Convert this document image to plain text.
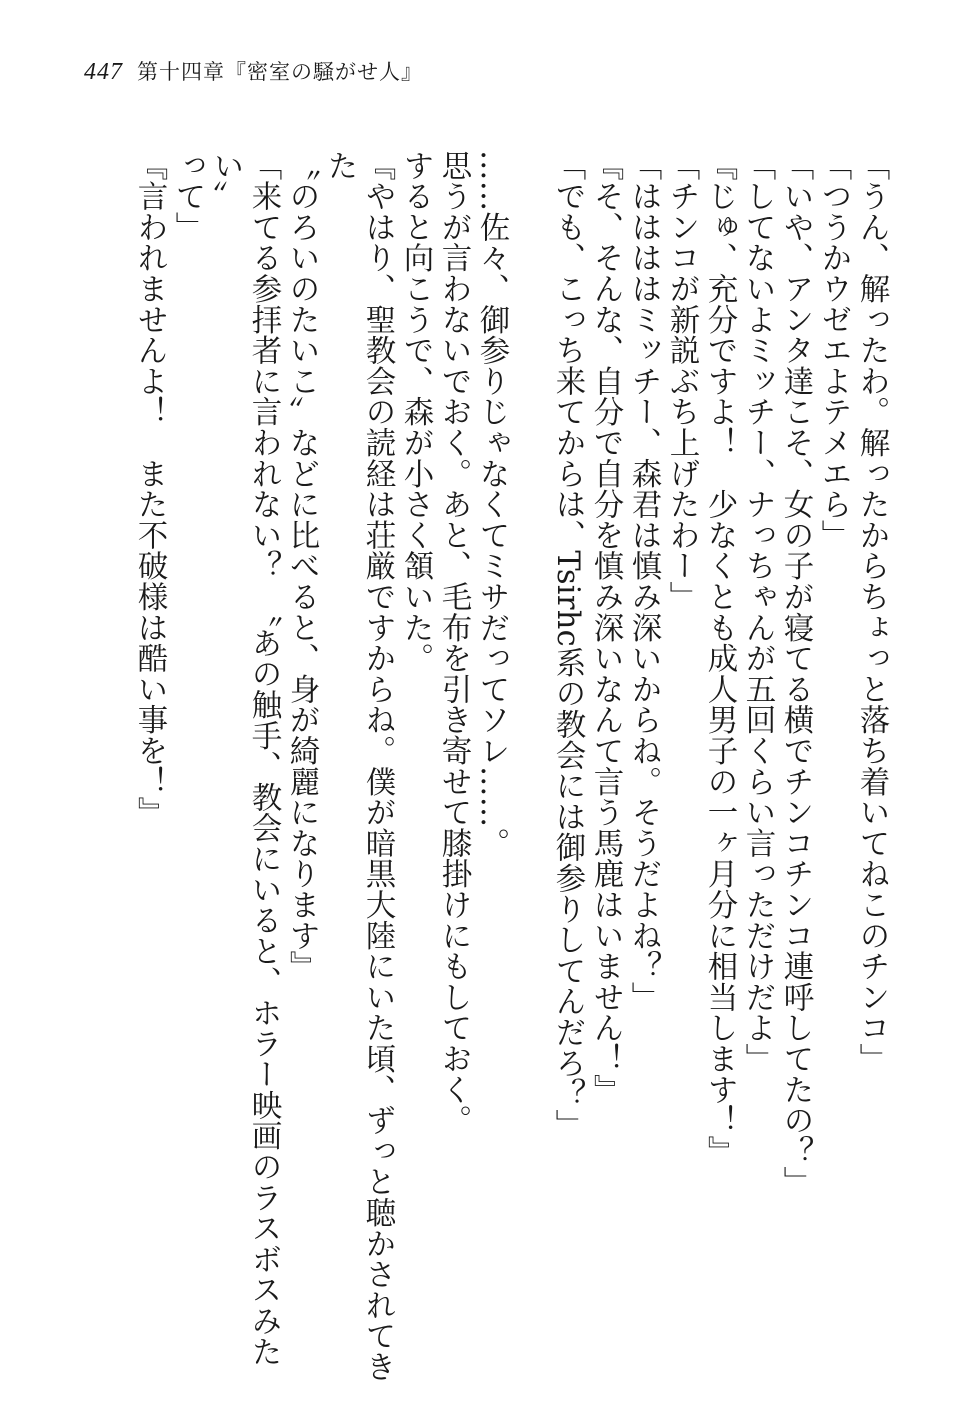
447 第十四章『密室の騒がせ人』

「うん、解ったわ。解ったからちょっと落ち着いてねこのチンコ」

「つうかウゼエよテメエら」

「いや、アンタ達こそ、女の子が寝てる横でチンコチンコ連呼してたの？」

「してないよミッチー、ナっちゃんが五回くらい言っただけだよ」

『じゅ、充分ですよ！　少なくとも成人男子の一ヶ月分に相当します！』

「チンコが新説ぶち上げたわー」

「ははははミッチー、森君は慎み深いからね。そうだよね？」

『そ、そんな、自分で自分を慎み深いなんて言う馬鹿はいません！』

「でも、こっち来てからは、Tsirhc系の教会には御参りしてんだろ？」

……佐々、御参りじゃなくてミサだってソレ……。

思うが言わないでおく。あと、毛布を引き寄せて膝掛けにもしておく。

すると向こうで、森が小さく頷いた。

『やはり、聖教会の読経は荘厳ですからね。僕が暗黒大陸にいた頃、ずっと聴かされてきた

〝のろいのたいこ〟などに比べると、身が綺麗になります』

「来てる参拝者に言われない？　〝あの触手、教会にいると、ホラー映画のラスボスみたい〟

って」

『言われませんよ！　また不破様は酷い事を！』
